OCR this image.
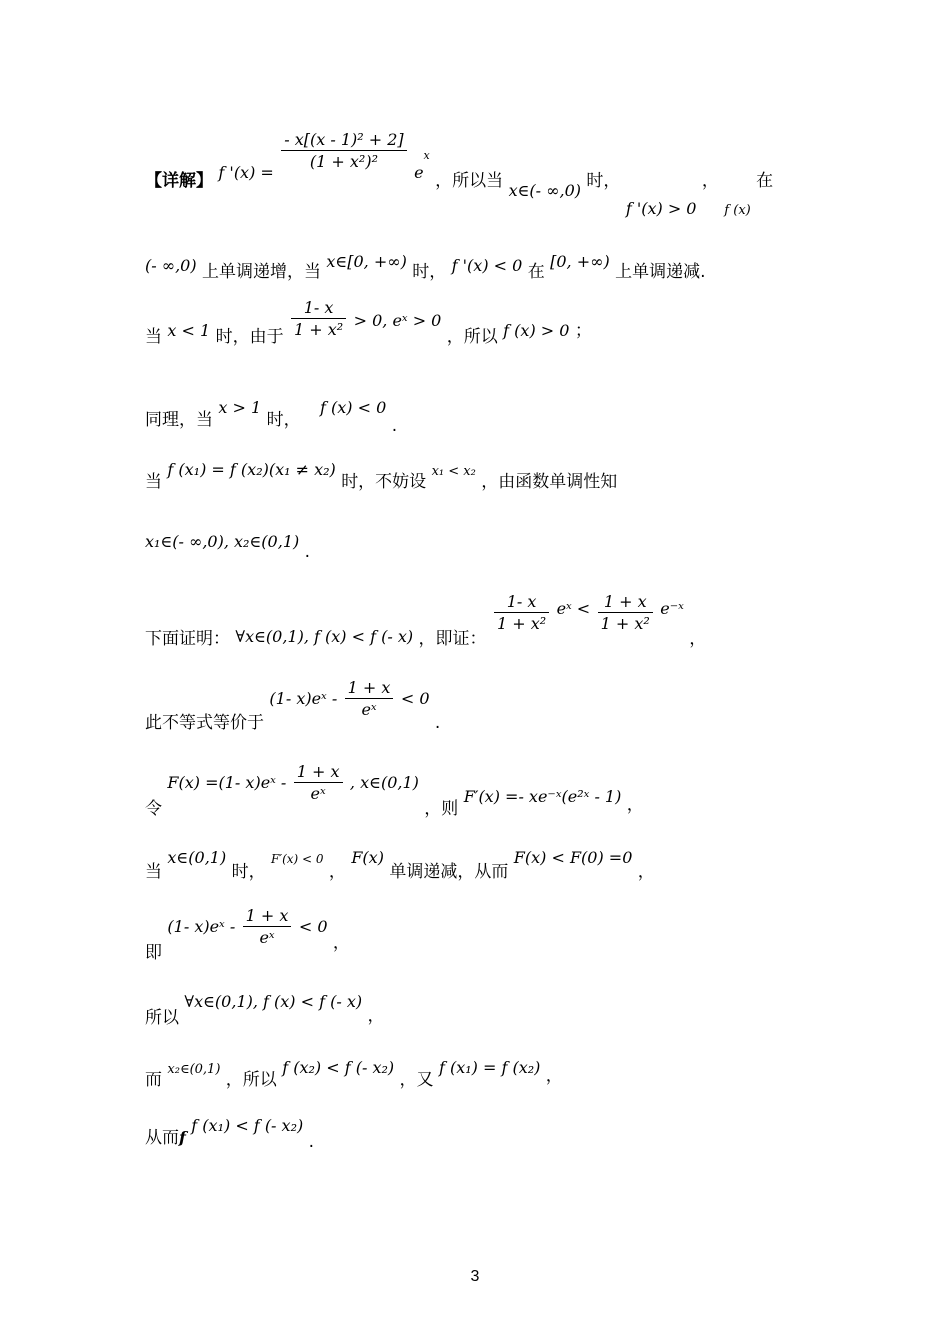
【详解】 f '(x) =
$\frac{\text{- x[(x - 1)² + 2]}}{\text{(1 + x²)²}}$
$e^x$ ，所以当 x∈(- ∞,0) 时， f '(x) > 0 ， $_{f (x)}$ 在
(- ∞,0) 上单调递增，当 x∈[0, +∞) 时， f '(x) < 0 在 [0, +∞) 上单调递减.
当 x < 1 时，由于 $\frac{1- x}{\text{1 + x²}} > 0$, eˣ > 0 ，所以 f (x) > 0 ；
同理，当 x > 1 时， f (x) < 0 .
当 f (x₁) = f (x₂)(x₁ ≠ x₂) 时，不妨设 x₁ < x₂ ，由函数单调性知
x₁∈(- ∞,0), x₂∈(0,1) .
下面证明： ∀x∈(0,1), f (x) < f (- x) ，即证：
$\frac{1- x}{\text{1 + x²}}$ eˣ < $\frac{1 + x}{\text{1 + x²}}$ e⁻ˣ ，
此不等式等价于 (1- x)eˣ - $\frac{1 + x}{\text{eˣ}} < 0$ .
令 F(x) =(1- x)eˣ - $\frac{1 + x}{\text{eˣ}}$ , x∈(0,1) ，则 F′(x) =- xe⁻ˣ(e²ˣ - 1) ，
当 x∈(0,1) 时， F′(x) < 0 ， F(x) 单调递减，从而 F(x) < F(0) =0 ，
即 (1- x)eˣ - $\frac{1 + x}{\text{eˣ}} < 0$ ，
所以 ∀x∈(0,1), f (x) < f (- x) ，
而 x₂∈(0,1) ，所以 f (x₂) < f (- x₂) ，又 f (x₁) = f (x₂) ，
从而f f (x₁) < f (- x₂) .
3
